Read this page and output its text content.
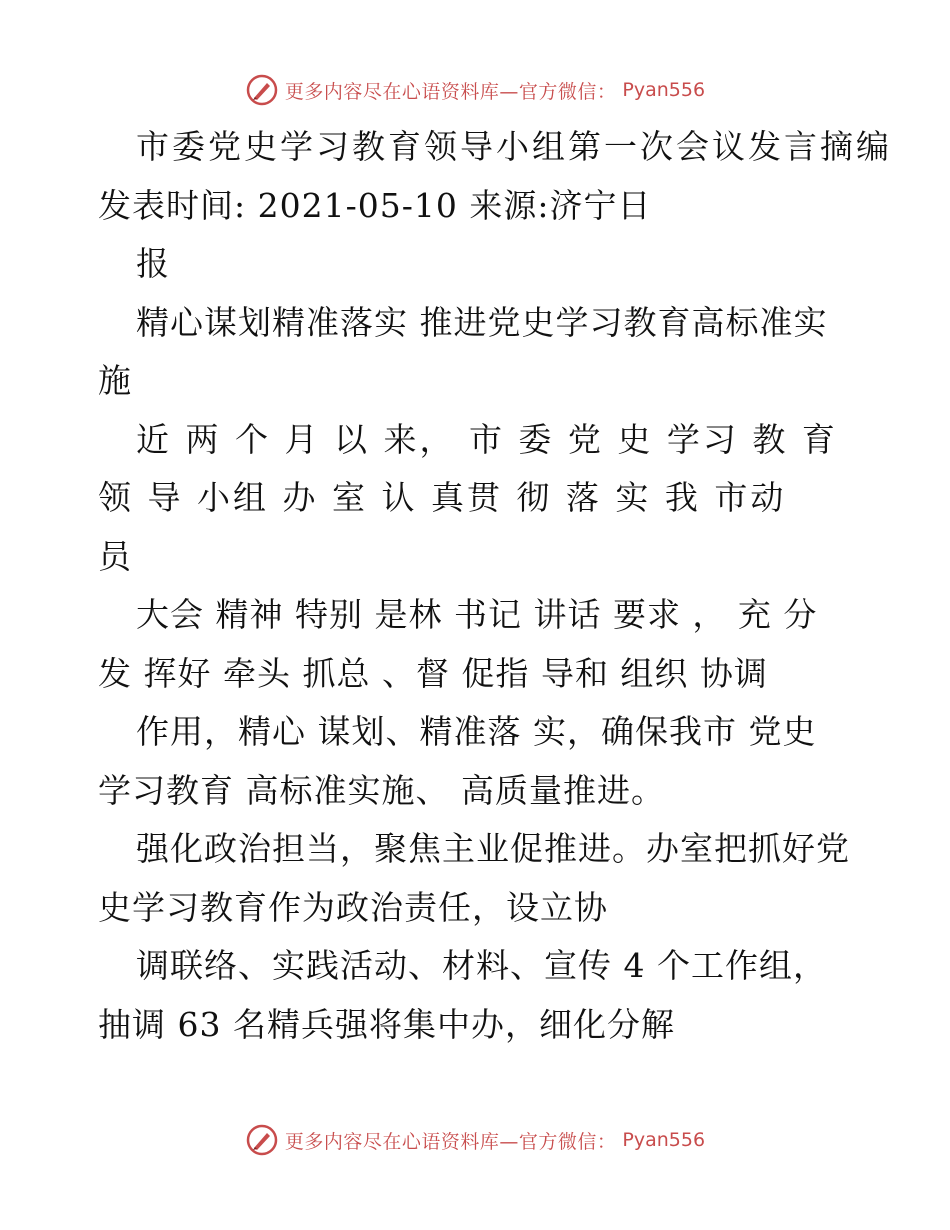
更多内容尽在心语资料库—官方微信： Pyan556
市委党史学习教育领导小组第一次会议发言摘编
发表时间: 2021-05-10 来源:济宁日
报
精心谋划精准落实 推进党史学习教育高标准实
施
近 两 个 月 以 来， 市 委 党 史 学习 教 育
领 导 小组 办 室 认 真贯 彻 落 实 我 市动
员
大会 精神 特别 是林 书记 讲话 要求 ， 充 分
发 挥好 牵头 抓总 、督 促指 导和 组织 协调
作用，精心 谋划、精准落 实，确保我市 党史
学习教育 高标准实施、 高质量推进。
强化政治担当，聚焦主业促推进。办室把抓好党
史学习教育作为政治责任，设立协
调联络、实践活动、材料、宣传 4 个工作组，
抽调 63 名精兵强将集中办，细化分解
更多内容尽在心语资料库—官方微信： Pyan556
